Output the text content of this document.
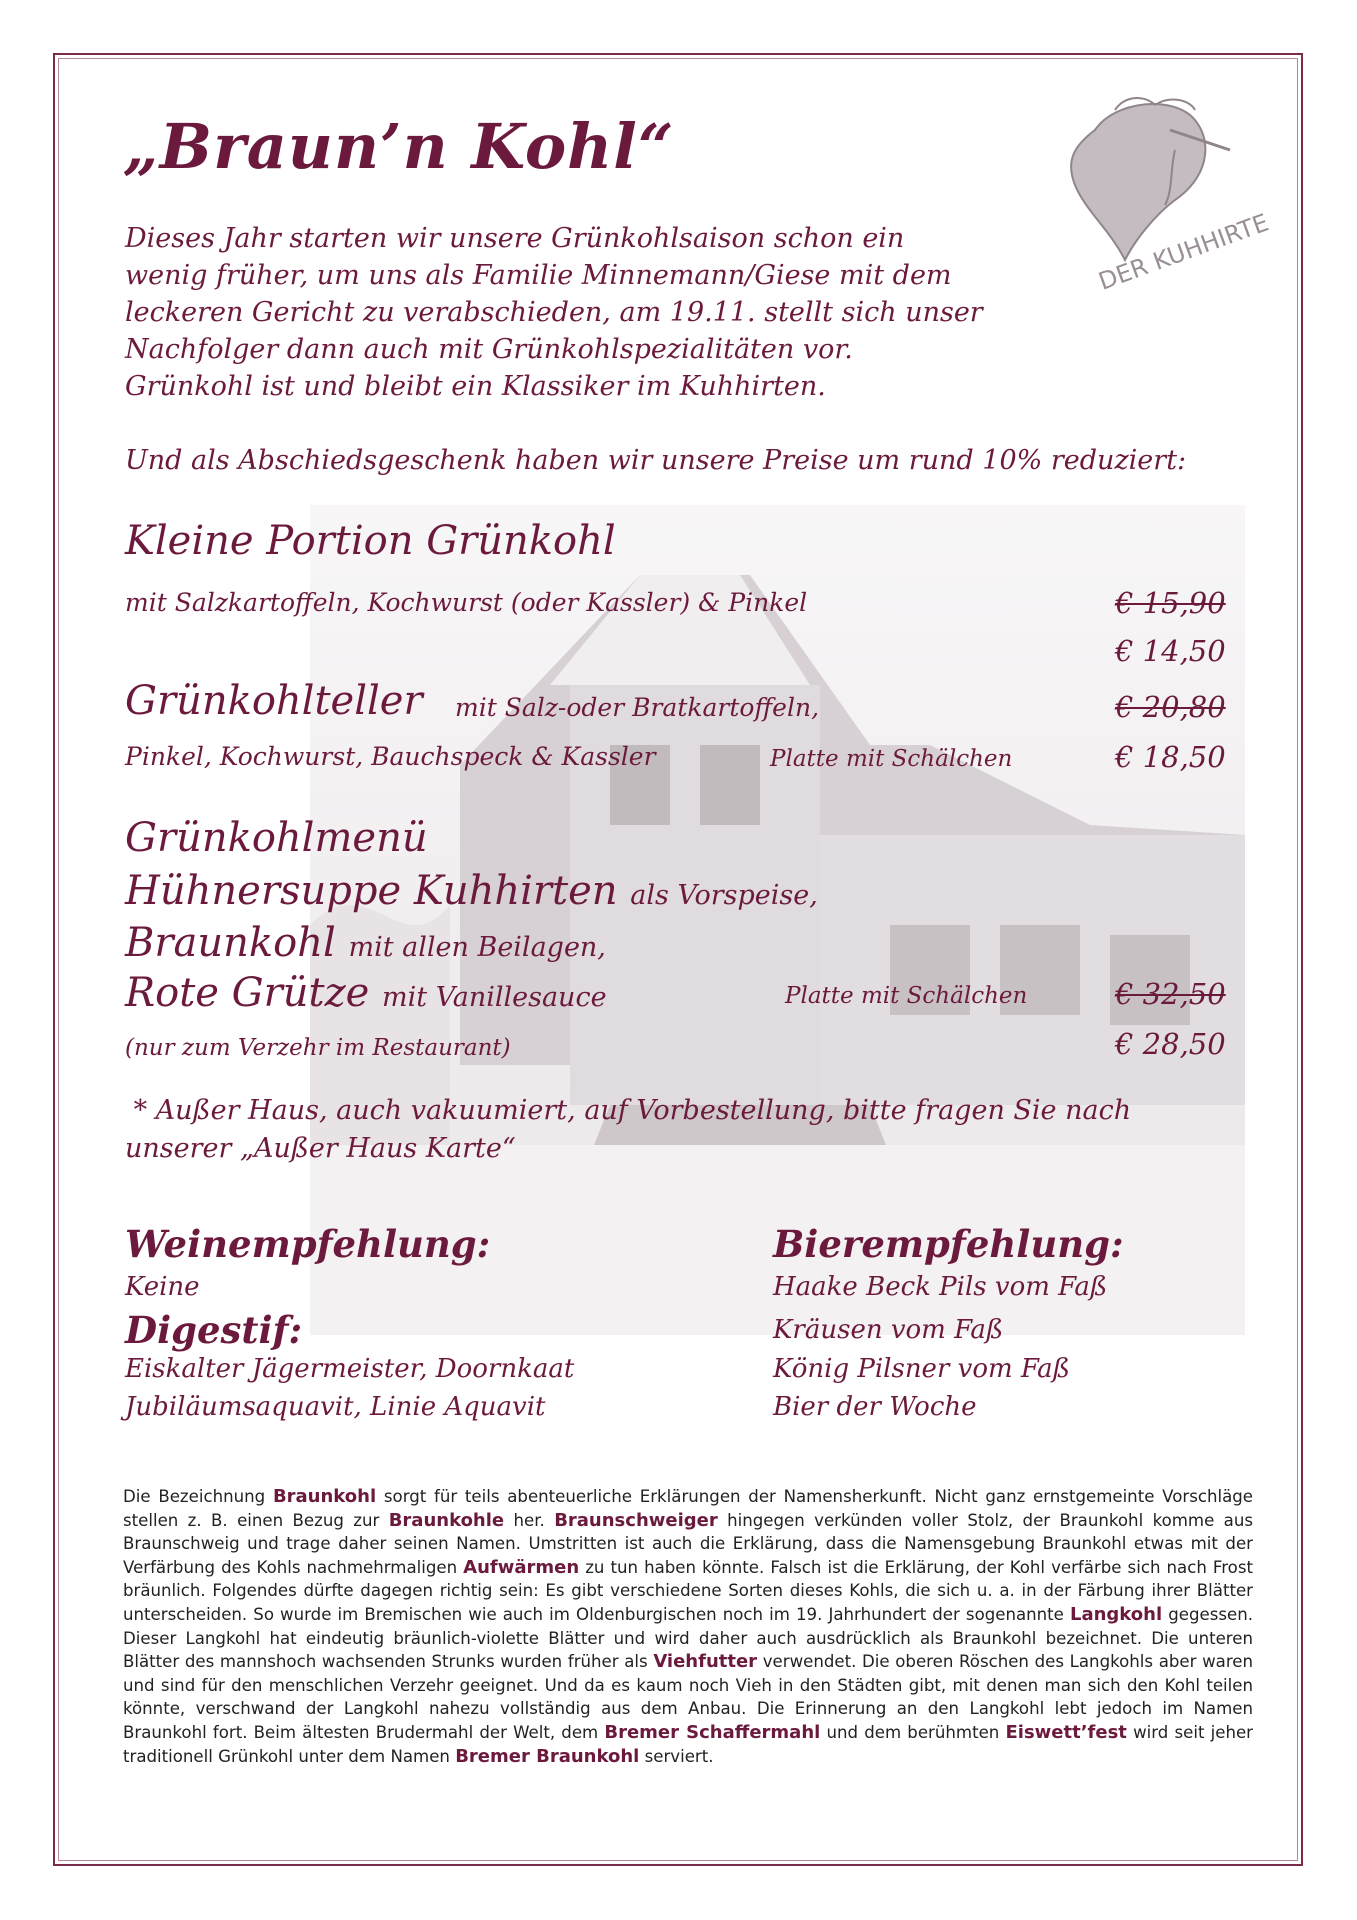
DER KUHHIRTE
„Braun’n Kohl“
Dieses Jahr starten wir unsere Grünkohlsaison schon ein
wenig früher, um uns als Familie Minnemann/Giese mit dem
leckeren Gericht zu verabschieden, am 19.11. stellt sich unser
Nachfolger dann auch mit Grünkohlspezialitäten vor.
Grünkohl ist und bleibt ein Klassiker im Kuhhirten.
Und als Abschiedsgeschenk haben wir unsere Preise um rund 10% reduziert:
Kleine Portion Grünkohl
mit Salzkartoffeln, Kochwurst (oder Kassler) & Pinkel	€ 15,90
€ 14,50
Grünkohlteller mit Salz-oder Bratkartoffeln,	€ 20,80
Pinkel, Kochwurst, Bauchspeck & Kassler	Platte mit Schälchen	€ 18,50
Grünkohlmenü
Hühnersuppe Kuhhirten als Vorspeise,
Braunkohl mit allen Beilagen,
Rote Grütze mit Vanillesauce	Platte mit Schälchen	€ 32,50
(nur zum Verzehr im Restaurant)	€ 28,50
* Außer Haus, auch vakuumiert, auf Vorbestellung, bitte fragen Sie nach
unserer „Außer Haus Karte“
Weinempfehlung:
Keine
Digestif:
Eiskalter Jägermeister, Doornkaat
Jubiläumsaquavit, Linie Aquavit
Bierempfehlung:
Haake Beck Pils vom Faß
Kräusen vom Faß
König Pilsner vom Faß
Bier der Woche
Die Bezeichnung Braunkohl sorgt für teils abenteuerliche Erklärungen der Namensherkunft. Nicht ganz ernstgemeinte Vorschläge stellen z. B. einen Bezug zur Braunkohle her. Braunschweiger hingegen verkünden voller Stolz, der Braunkohl komme aus Braunschweig und trage daher seinen Namen. Umstritten ist auch die Erklärung, dass die Namensgebung Braunkohl etwas mit der Verfärbung des Kohls nachmehrmaligen Aufwärmen zu tun haben könnte. Falsch ist die Erklärung, der Kohl verfärbe sich nach Frost bräunlich. Folgendes dürfte dagegen richtig sein: Es gibt verschiedene Sorten dieses Kohls, die sich u. a. in der Färbung ihrer Blätter unterscheiden. So wurde im Bremischen wie auch im Oldenburgischen noch im 19. Jahrhundert der sogenannte Langkohl gegessen. Dieser Langkohl hat eindeutig bräunlich-violette Blätter und wird daher auch ausdrücklich als Braunkohl bezeichnet. Die unteren Blätter des mannshoch wachsenden Strunks wurden früher als Viehfutter verwendet. Die oberen Röschen des Langkohls aber waren und sind für den menschlichen Verzehr geeignet. Und da es kaum noch Vieh in den Städten gibt, mit denen man sich den Kohl teilen könnte, verschwand der Langkohl nahezu vollständig aus dem Anbau. Die Erinnerung an den Langkohl lebt jedoch im Namen Braunkohl fort. Beim ältesten Brudermahl der Welt, dem Bremer Schaffermahl und dem berühmten Eiswett’fest wird seit jeher traditionell Grünkohl unter dem Namen Bremer Braunkohl serviert.
